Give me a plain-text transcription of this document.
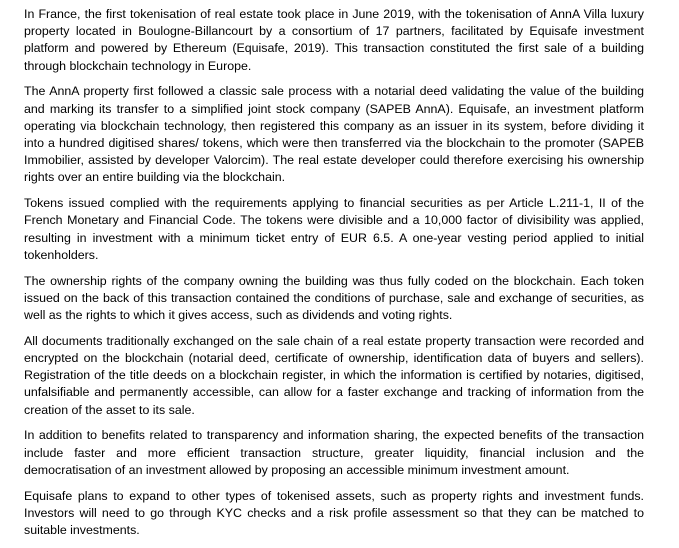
In France, the first tokenisation of real estate took place in June 2019, with the tokenisation of AnnA Villa luxury property located in Boulogne-Billancourt by a consortium of 17 partners, facilitated by Equisafe investment platform and powered by Ethereum (Equisafe, 2019). This transaction constituted the first sale of a building through blockchain technology in Europe.

The AnnA property first followed a classic sale process with a notarial deed validating the value of the building and marking its transfer to a simplified joint stock company (SAPEB AnnA). Equisafe, an investment platform operating via blockchain technology, then registered this company as an issuer in its system, before dividing it into a hundred digitised shares/ tokens, which were then transferred via the blockchain to the promoter (SAPEB Immobilier, assisted by developer Valorcim). The real estate developer could therefore exercising his ownership rights over an entire building via the blockchain.

Tokens issued complied with the requirements applying to financial securities as per Article L.211-1, II of the French Monetary and Financial Code. The tokens were divisible and a 10,000 factor of divisibility was applied, resulting in investment with a minimum ticket entry of EUR 6.5. A one-year vesting period applied to initial tokenholders.

The ownership rights of the company owning the building was thus fully coded on the blockchain. Each token issued on the back of this transaction contained the conditions of purchase, sale and exchange of securities, as well as the rights to which it gives access, such as dividends and voting rights.

All documents traditionally exchanged on the sale chain of a real estate property transaction were recorded and encrypted on the blockchain (notarial deed, certificate of ownership, identification data of buyers and sellers). Registration of the title deeds on a blockchain register, in which the information is certified by notaries, digitised, unfalsifiable and permanently accessible, can allow for a faster exchange and tracking of information from the creation of the asset to its sale.

In addition to benefits related to transparency and information sharing, the expected benefits of the transaction include faster and more efficient transaction structure, greater liquidity, financial inclusion and the democratisation of an investment allowed by proposing an accessible minimum investment amount.

Equisafe plans to expand to other types of tokenised assets, such as property rights and investment funds. Investors will need to go through KYC checks and a risk profile assessment so that they can be matched to suitable investments.
